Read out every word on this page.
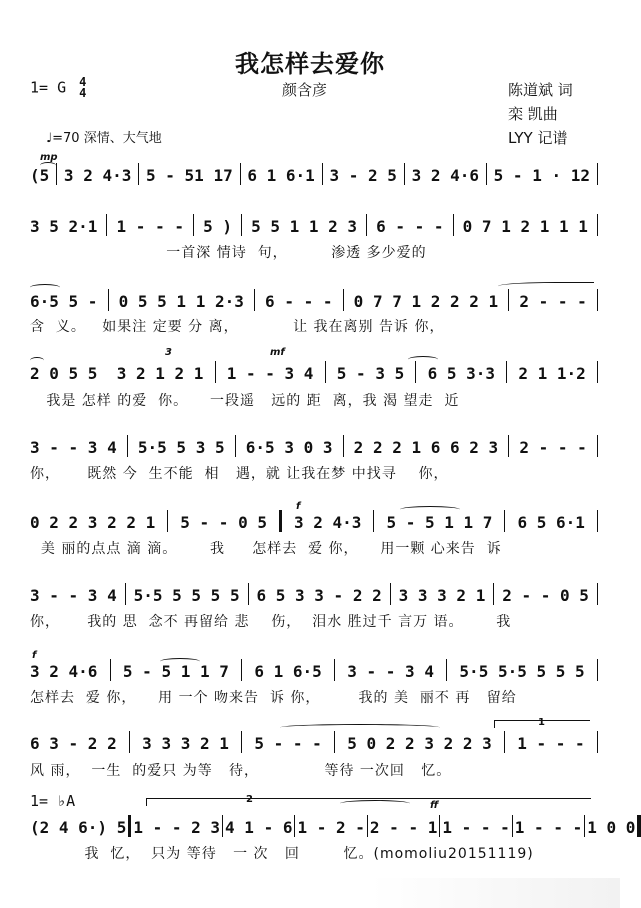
我怎样去爱你
1= G 4
4	颜含彦	陈道斌 词
栾 凯曲
LYY 记谱
♩=70 深情、大气地
mp
mf
f
f
ff
3
1
2
(5 3 2 4·3 5 - 51 17 6 1 6·1 3 - 2 5 3 2 4·6 5 - 1 · 12
3 5 2·1 1 - - - 5 ) 5 5 1 1 2 3 6 - - - 0 7 1 2 1 1 1
一首深 情诗  句，        渗透 多少爱的
6·5 5 - 0 5 5 1 1 2·3 6 - - - 0 7 7 1 2 2 2 1 2 - - -
含  义。   如果注 定要 分 离，          让 我在离别 告诉 你，
2 0 5 5  3 2 1 2 1 1 - - 3 4 5 - 3 5 6 5 3·3 2 1 1·2
我是 怎样 的爱  你。    一段遥   远的 距  离，我 渴 望走  近
3 - - 3 4 5·5 5 3 5 6·5 3 0 3 2 2 2 1 6 6 2 3 2 - - -
你，     既然 今  生不能  相   遇，就 让我在梦 中找寻    你，
0 2 2 3 2 2 1 5 - - 0 5 3 2 4·3 5 - 5 1 1 7 6 5 6·1
美 丽的点点 滴 滴。      我     怎样去  爱 你，    用一颗 心来告  诉
3 - - 3 4 5·5 5 5 5 5 6 5 3 3 - 2 2 3 3 3 2 1 2 - - 0 5
你，     我的 思  念不 再留给 悲    伤，  泪水 胜过千 言万 语。      我
3 2 4·6 5 - 5 1 1 7 6 1 6·5 3 - - 3 4 5·5 5·5 5 5 5
怎样去  爱 你，    用 一个 吻来告  诉 你，       我的 美  丽不 再   留给
6 3 - 2 2 3 3 3 2 1 5 - - - 5 0 2 2 3 2 2 3 1 - - -
风 雨，  一生  的爱只 为等   待，            等待 一次回   忆。
1= ♭A
(2 4 6·) 5 1 - - 2 3 4 1 - 6 1 - 2 - 2 - - 1 1 - - - 1 - - - 1 0 0
我  忆，  只为 等待   一 次   回        忆。(momoliu20151119)
